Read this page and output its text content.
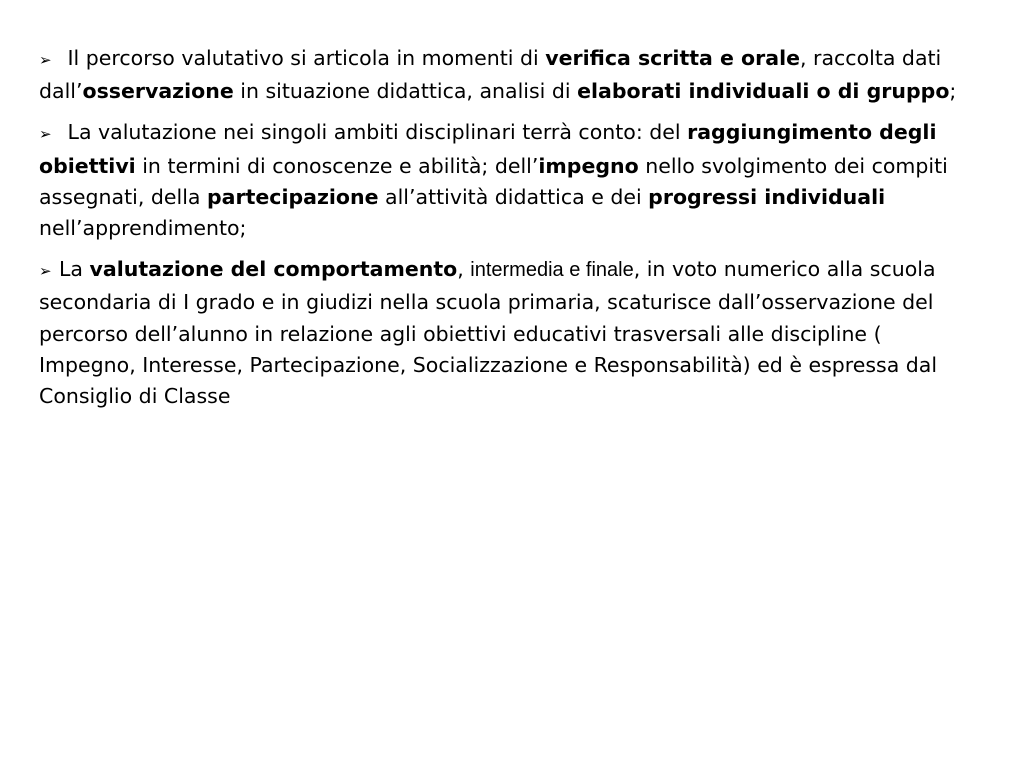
➢ Il percorso valutativo si articola in momenti di verifica scritta e orale, raccolta dati dall’osservazione in situazione didattica, analisi di elaborati individuali o di gruppo;

➢ La valutazione nei singoli ambiti disciplinari terrà conto: del raggiungimento degli obiettivi in termini di conoscenze e abilità; dell’impegno nello svolgimento dei compiti assegnati, della partecipazione all’attività didattica e dei progressi individuali nell’apprendimento;

➢ La valutazione del comportamento, intermedia e finale, in voto numerico alla scuola secondaria di I grado e in giudizi nella scuola primaria, scaturisce dall’osservazione del percorso dell’alunno in relazione agli obiettivi educativi trasversali alle discipline ( Impegno, Interesse, Partecipazione, Socializzazione e Responsabilità) ed è espressa dal Consiglio di Classe
